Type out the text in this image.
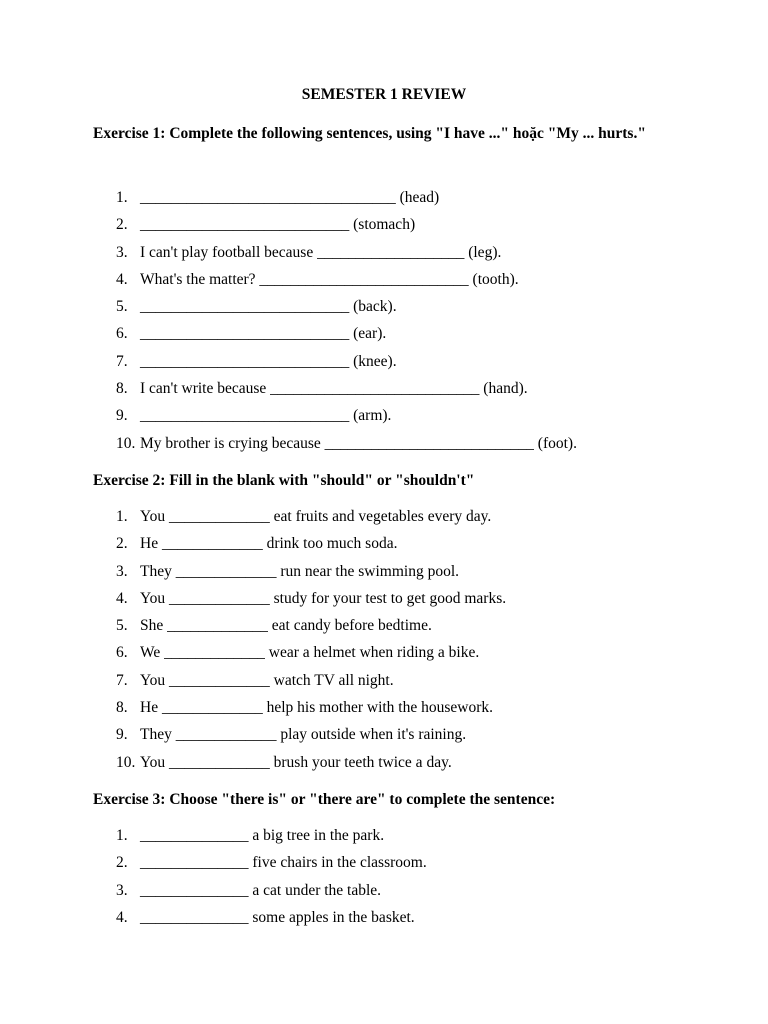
SEMESTER 1 REVIEW

Exercise 1: Complete the following sentences, using "I have ..." hoặc "My ... hurts."

1. _________________________________ (head)
2. ___________________________ (stomach)
3. I can't play football because ___________________ (leg).
4. What's the matter? ___________________________ (tooth).
5. ___________________________ (back).
6. ___________________________ (ear).
7. ___________________________ (knee).
8. I can't write because ___________________________ (hand).
9. ___________________________ (arm).
10. My brother is crying because ___________________________ (foot).

Exercise 2: Fill in the blank with "should" or "shouldn't"

1. You _____________ eat fruits and vegetables every day.
2. He _____________ drink too much soda.
3. They _____________ run near the swimming pool.
4. You _____________ study for your test to get good marks.
5. She _____________ eat candy before bedtime.
6. We _____________ wear a helmet when riding a bike.
7. You _____________ watch TV all night.
8. He _____________ help his mother with the housework.
9. They _____________ play outside when it's raining.
10. You _____________ brush your teeth twice a day.

Exercise 3: Choose "there is" or "there are" to complete the sentence:

1. ______________ a big tree in the park.
2. ______________ five chairs in the classroom.
3. ______________ a cat under the table.
4. ______________ some apples in the basket.
